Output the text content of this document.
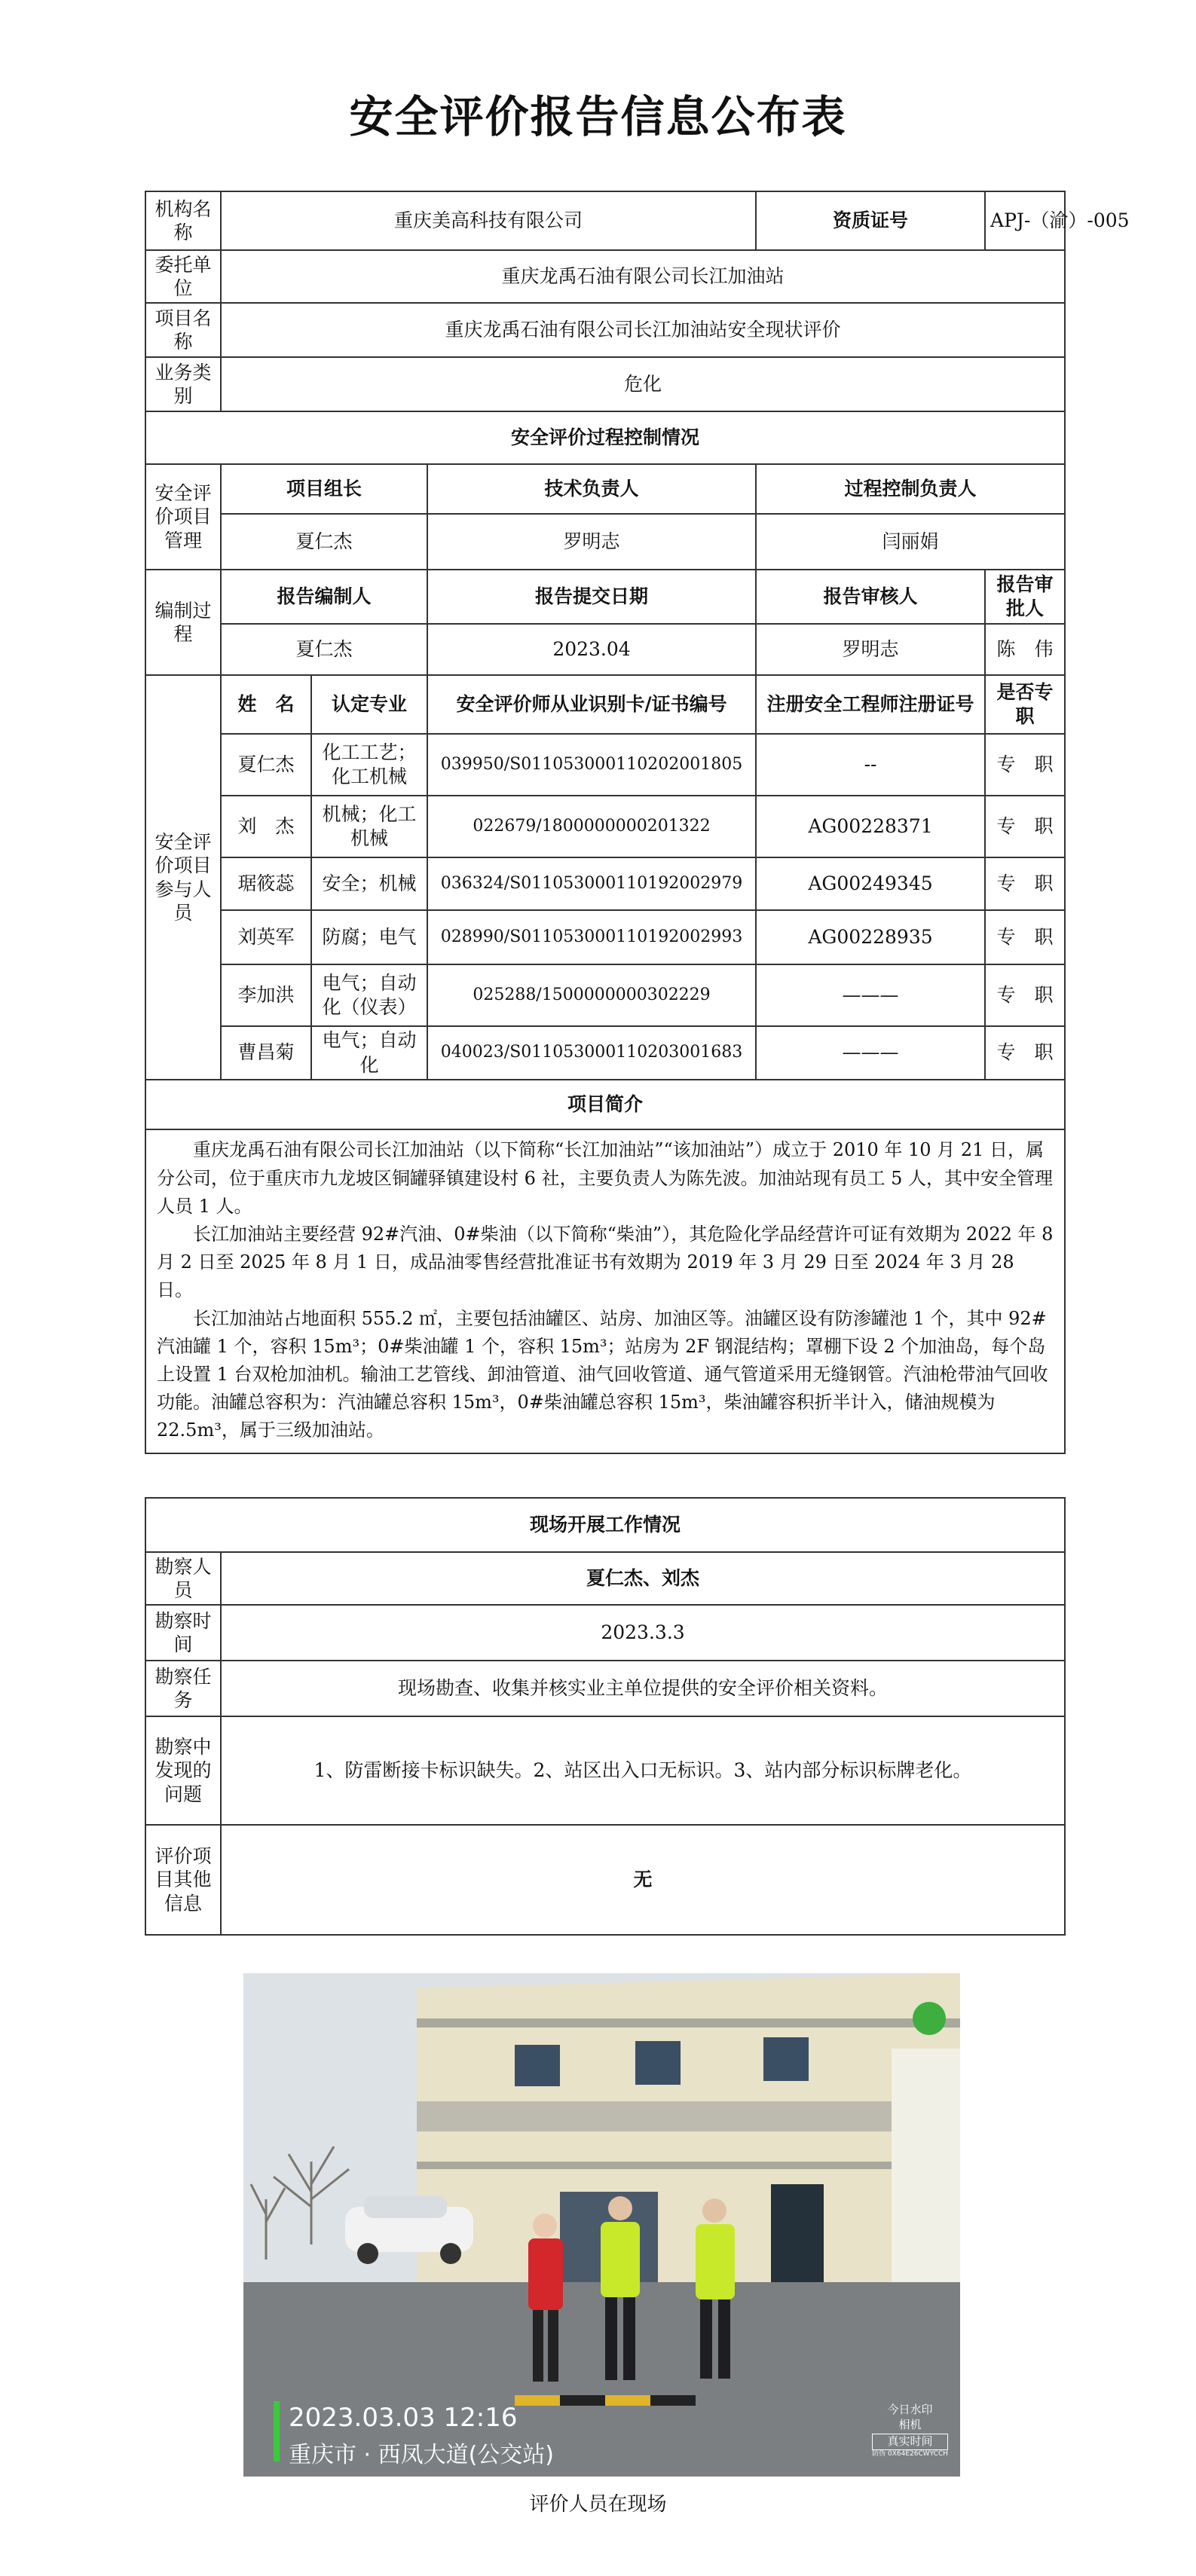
安全评价报告信息公布表
机构名称	重庆美高科技有限公司			资质证号	APJ-（渝）-005
委托单位	重庆龙禹石油有限公司长江加油站				
项目名称	重庆龙禹石油有限公司长江加油站安全现状评价				
业务类别	危化				
安全评价过程控制情况					
安全评价项目管理	项目组长		技术负责人	过程控制负责人	
	夏仁杰		罗明志	闫丽娟	
编制过程	报告编制人		报告提交日期	报告审核人	报告审批人
	夏仁杰		2023.04	罗明志	陈　伟
安全评价项目参与人员	姓　名	认定专业	安全评价师从业识别卡/证书编号	注册安全工程师注册证号	是否专职
	夏仁杰	化工工艺；化工机械	039950/S011053000110202001805	--	专　职
	刘　杰	机械；化工机械	022679/1800000000201322	AG00228371	专　职
	琚筱蕊	安全；机械	036324/S011053000110192002979	AG00249345	专　职
	刘英军	防腐；电气	028990/S011053000110192002993	AG00228935	专　职
	李加洪	电气；自动化（仪表）	025288/1500000000302229	———	专　职
	曹昌菊	电气；自动化	040023/S011053000110203001683	———	专　职
项目简介					

重庆龙禹石油有限公司长江加油站（以下简称“长江加油站”“该加油站”）成立于 2010 年 10 月 21 日，属分公司，位于重庆市九龙坡区铜罐驿镇建设村 6 社，主要负责人为陈先波。加油站现有员工 5 人，其中安全管理人员 1 人。

长江加油站主要经营 92#汽油、0#柴油（以下简称“柴油”），其危险化学品经营许可证有效期为 2022 年 8 月 2 日至 2025 年 8 月 1 日，成品油零售经营批准证书有效期为 2019 年 3 月 29 日至 2024 年 3 月 28 日。

长江加油站占地面积 555.2 ㎡，主要包括油罐区、站房、加油区等。油罐区设有防渗罐池 1 个，其中 92#汽油罐 1 个，容积 15m³；0#柴油罐 1 个，容积 15m³；站房为 2F 钢混结构；罩棚下设 2 个加油岛，每个岛上设置 1 台双枪加油机。输油工艺管线、卸油管道、油气回收管道、通气管道采用无缝钢管。汽油枪带油气回收功能。油罐总容积为：汽油罐总容积 15m³，0#柴油罐总容积 15m³，柴油罐容积折半计入，储油规模为 22.5m³，属于三级加油站。					

现场开展工作情况	
勘察人员	夏仁杰、刘杰
勘察时间	2023.3.3
勘察任务	现场勘查、收集并核实业主单位提供的安全评价相关资料。
勘察中发现的问题	1、防雷断接卡标识缺失。2、站区出入口无标识。3、站内部分标识标牌老化。
评价项目其他信息	无
2023.03.03 12:16
重庆市 · 西凤大道(公交站)
今日水印
相机
真实时间
防伪 0X64E26CWYCCH
评价人员在现场
